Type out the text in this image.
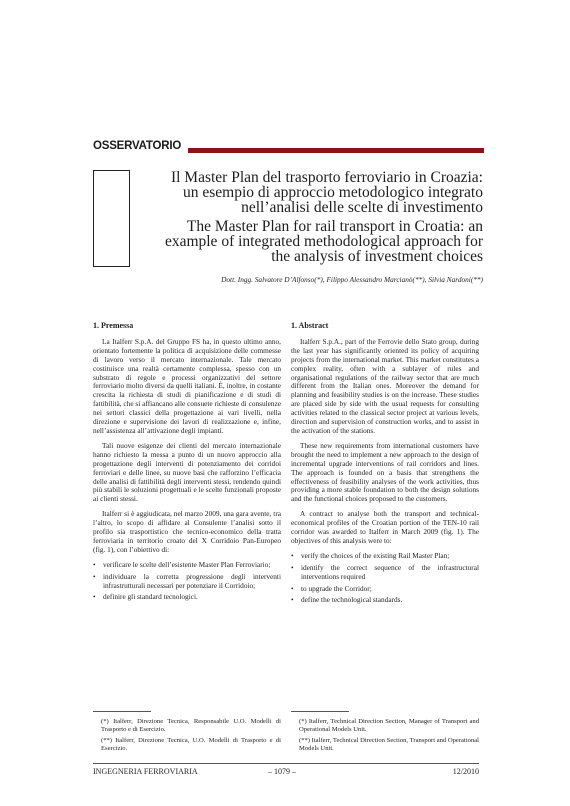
OSSERVATORIO
Il Master Plan del trasporto ferroviario in Croazia: un esempio di approccio metodologico integrato nell’analisi delle scelte di investimento
The Master Plan for rail transport in Croatia: an example of integrated methodological approach for the analysis of investment choices
Dott. Ingg. Salvatore D’Alfonso(*), Filippo Alessandro Marcianò(**), Silvia Nardoni(**)
1. Premessa

La Italferr S.p.A. del Gruppo FS ha, in questo ultimo anno, orientato fortemente la politica di acquisizione delle commesse di lavoro verso il mercato internazionale. Tale mercato costituisce una realtà certamente complessa, spesso con un substrato di regole e processi organizzativi del settore ferroviario molto diversi da quelli italiani. È, inoltre, in costante crescita la richiesta di studi di pianificazione e di studi di fattibilità, che si affiancano alle consuete richieste di consulenze nei settori classici della progettazione ai vari livelli, nella direzione e supervisione dei lavori di realizzazione e, infine, nell’assistenza all’attivazione degli impianti.

Tali nuove esigenze dei clienti del mercato internazionale hanno richiesto la messa a punto di un nuovo approccio alla progettazione degli interventi di potenziamento dei corridoi ferroviari e delle linee, su nuove basi che rafforzino l’efficacia delle analisi di fattibilità degli interventi stessi, rendendo quindi più stabili le soluzioni progettuali e le scelte funzionali proposte ai clienti stessi.

Italferr si è aggiudicata, nel marzo 2009, una gara avente, tra l’altro, lo scopo di affidare al Consulente l’analisi sotto il profilo sia trasportistico che tecnico-economico della tratta ferroviaria in territorio croato del X Corridoio Pan-Europeo (fig. 1), con l’obiettivo di:

• verificare le scelte dell’esistente Master Plan Ferroviario;
• individuare la corretta progressione degli interventi infrastrutturali necessari per potenziare il Corridoio;
• definire gli standard tecnologici.
1. Abstract

Italferr S.p.A., part of the Ferrovie dello Stato group, during the last year has significantly oriented its policy of acquiring projects from the international market. This market constitutes a complex reality, often with a sublayer of rules and organisational regulations of the railway sector that are much different from the Italian ones. Moreover the demand for planning and feasibility studies is on the increase. These studies are placed side by side with the usual requests for consulting activities related to the classical sector project at various levels, direction and supervision of construction works, and to assist in the activation of the stations.

These new requirements from international customers have brought the need to implement a new approach to the design of incremental upgrade interventions of rail corridors and lines. The approach is founded on a basis that strengthens the effectiveness of feasibility analyses of the work activities, thus providing a more stable foundation to both the design solutions and the functional choices proposed to the customers.

A contract to analyse both the transport and technical-economical profiles of the Croatian portion of the TEN-10 rail corridor was awarded to Italferr in March 2009 (fig. 1). The objectives of this analysis were to:

• verify the choices of the existing Rail Master Plan;
• identify the correct sequence of the infrastructural interventions required
• to upgrade the Corridor;
• define the technological standards.
(*) Italferr, Direzione Tecnica, Responsabile U.O. Modelli di Trasporto e di Esercizio.
(**) Italferr, Direzione Tecnica, U.O. Modelli di Trasporto e di Esercizio.
(*) Italferr, Technical Direction Section, Manager of Transport and Operational Models Unit.
(**) Italferr, Technical Direction Section, Transport and Operational Models Unit.
INGEGNERIA FERROVIARIA	– 1079 –	12/2010
